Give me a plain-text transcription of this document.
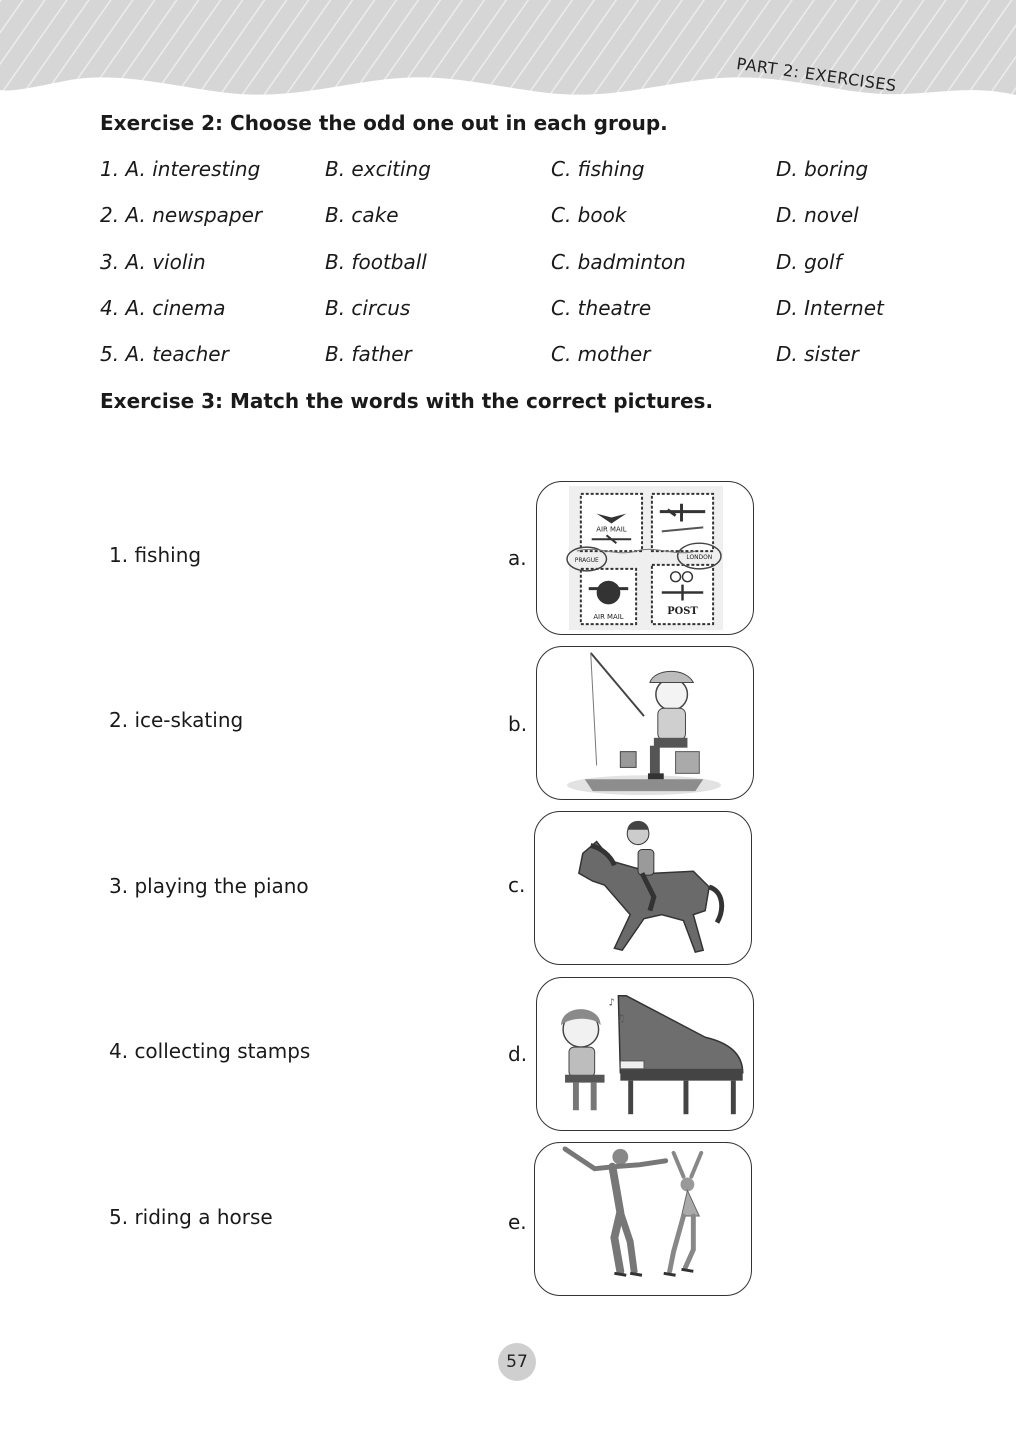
PART 2: EXERCISES
Exercise 2: Choose the odd one out in each group.
1. A. interesting	B. exciting	C. fishing	D. boring
2. A. newspaper	B. cake	C. book	D. novel
3. A. violin	B. football	C. badminton	D. golf
4. A. cinema	B. circus	C. theatre	D. Internet
5. A. teacher	B. father	C. mother	D. sister
Exercise 3: Match the words with the correct pictures.
1. fishing
2. ice-skating
3. playing the piano
4. collecting stamps
5. riding a horse
a.
b.
c.
d.
e.
AIR MAIL
POST
AIR MAIL
PRAGUE	LONDON
♪
♫
57
